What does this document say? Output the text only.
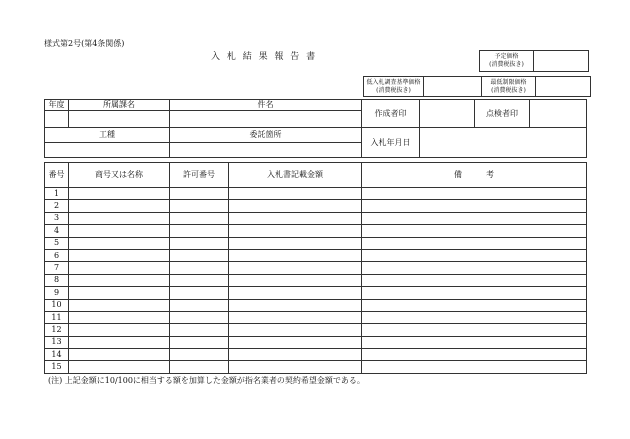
様式第2号(第4条関係)
入 札 結 果 報 告 書	予定価格
(消費税抜き)

低入札調査基準価格
(消費税抜き)

最低制限価格
(消費税抜き)

年度	所属課名	件名	作成者印		点検者印	

工種		委託箇所	入札年月日			

番号	商号又は名称	許可番号	入札書記載金額	備　　　考
1				
2				
3				
4				
5				
6				
7				
8				
9				
10				
11				
12				
13				
14				
15				
(注) 上記金額に10/100に相当する額を加算した金額が指名業者の契約希望金額である。
